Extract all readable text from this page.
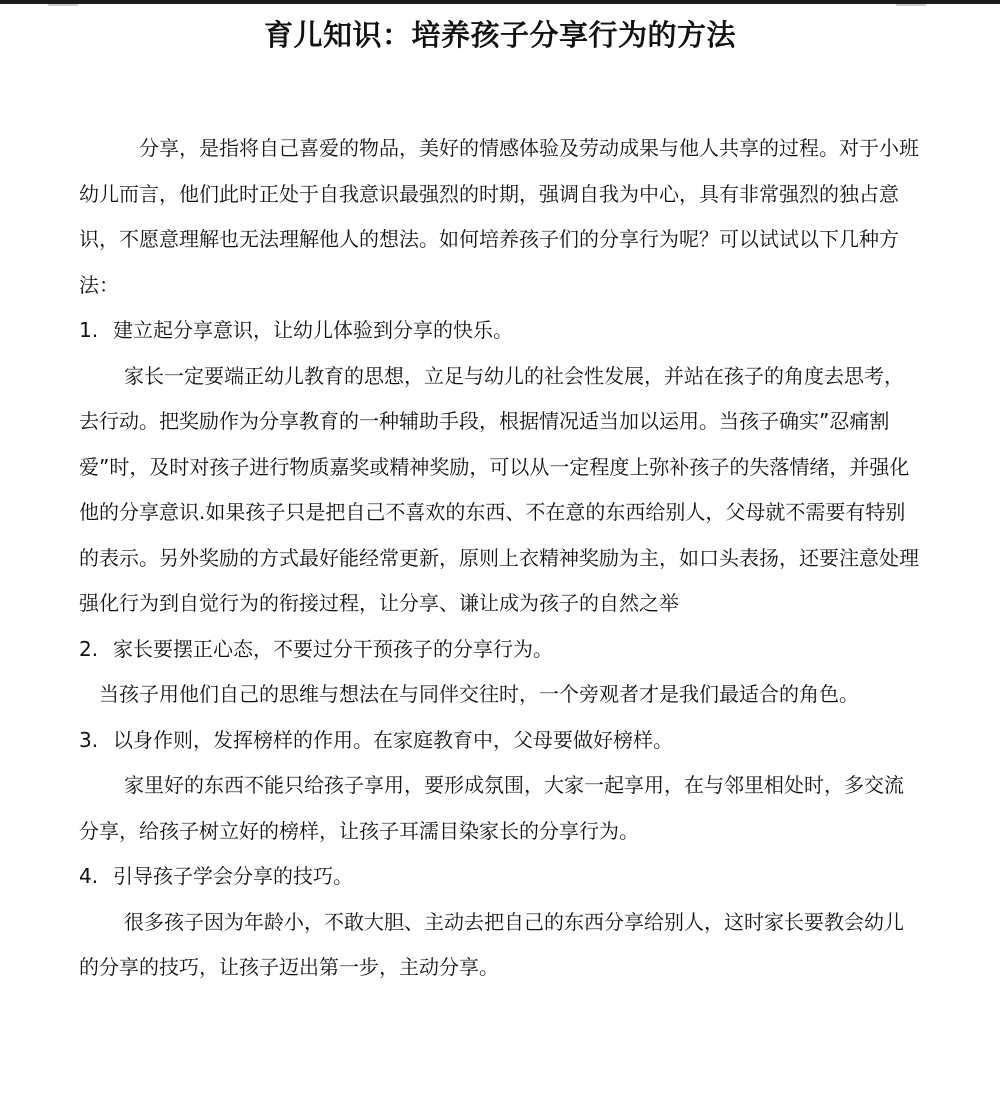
育儿知识：培养孩子分享行为的方法

分享，是指将自己喜爱的物品，美好的情感体验及劳动成果与他人共享的过程。对于小班幼儿而言，他们此时正处于自我意识最强烈的时期，强调自我为中心，具有非常强烈的独占意识，不愿意理解也无法理解他人的想法。如何培养孩子们的分享行为呢？可以试试以下几种方法：

1. 建立起分享意识，让幼儿体验到分享的快乐。

家长一定要端正幼儿教育的思想，立足与幼儿的社会性发展，并站在孩子的角度去思考，去行动。把奖励作为分享教育的一种辅助手段，根据情况适当加以运用。当孩子确实”忍痛割爱”时，及时对孩子进行物质嘉奖或精神奖励，可以从一定程度上弥补孩子的失落情绪，并强化他的分享意识.如果孩子只是把自己不喜欢的东西、不在意的东西给别人，父母就不需要有特别的表示。另外奖励的方式最好能经常更新，原则上衣精神奖励为主，如口头表扬，还要注意处理强化行为到自觉行为的衔接过程，让分享、谦让成为孩子的自然之举

2. 家长要摆正心态，不要过分干预孩子的分享行为。

当孩子用他们自己的思维与想法在与同伴交往时，一个旁观者才是我们最适合的角色。

3. 以身作则，发挥榜样的作用。在家庭教育中，父母要做好榜样。

家里好的东西不能只给孩子享用，要形成氛围，大家一起享用，在与邻里相处时，多交流分享，给孩子树立好的榜样，让孩子耳濡目染家长的分享行为。

4. 引导孩子学会分享的技巧。

很多孩子因为年龄小，不敢大胆、主动去把自己的东西分享给别人，这时家长要教会幼儿的分享的技巧，让孩子迈出第一步，主动分享。
